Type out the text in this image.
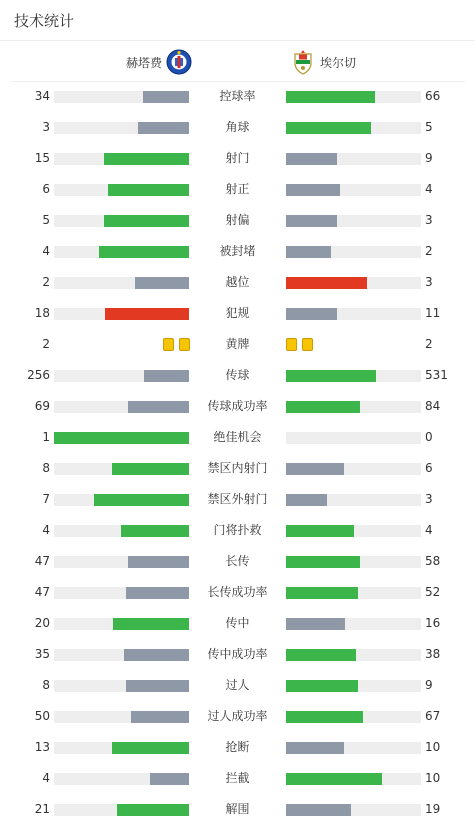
技术统计
赫塔费	埃尔切
34	控球率	66
3	角球	5
15	射门	9
6	射正	4
5	射偏	3
4	被封堵	2
2	越位	3
18	犯规	11
2	黄牌	2
256	传球	531
69	传球成功率	84
1	绝佳机会	0
8	禁区内射门	6
7	禁区外射门	3
4	门将扑救	4
47	长传	58
47	长传成功率	52
20	传中	16
35	传中成功率	38
8	过人	9
50	过人成功率	67
13	抢断	10
4	拦截	10
21	解围	19
